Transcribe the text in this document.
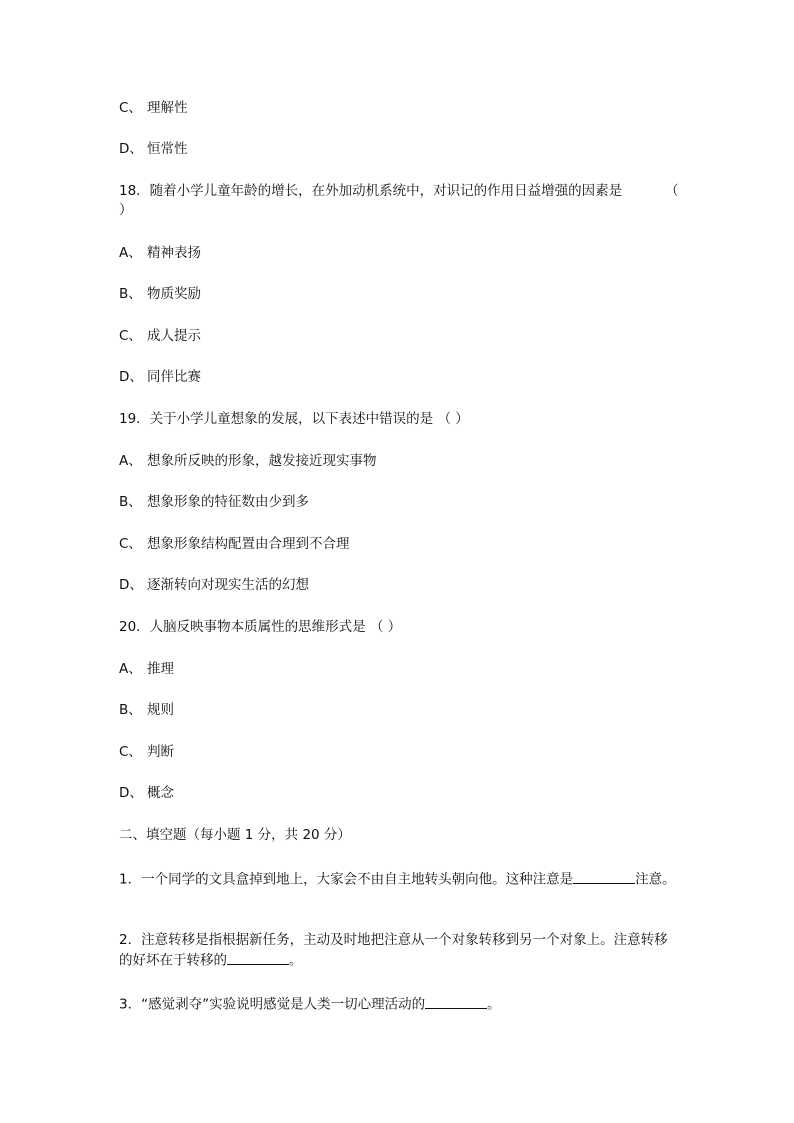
C、 理解性
D、 恒常性
18．随着小学儿童年龄的增长，在外加动机系统中，对识记的作用日益增强的因素是	（
）
A、 精神表扬
B、 物质奖励
C、 成人提示
D、 同伴比赛
19．关于小学儿童想象的发展，以下表述中错误的是 （ ）
A、 想象所反映的形象，越发接近现实事物
B、 想象形象的特征数由少到多
C、 想象形象结构配置由合理到不合理
D、 逐渐转向对现实生活的幻想
20．人脑反映事物本质属性的思维形式是 （ ）
A、 推理
B、 规则
C、 判断
D、 概念
二、填空题（每小题 1 分，共 20 分）
1．一个同学的文具盒掉到地上，大家会不由自主地转头朝向他。这种注意是	注意。
2．注意转移是指根据新任务，主动及时地把注意从一个对象转移到另一个对象上。注意转移的好坏在于转移的	。
3．“感觉剥夺”实验说明感觉是人类一切心理活动的	。
